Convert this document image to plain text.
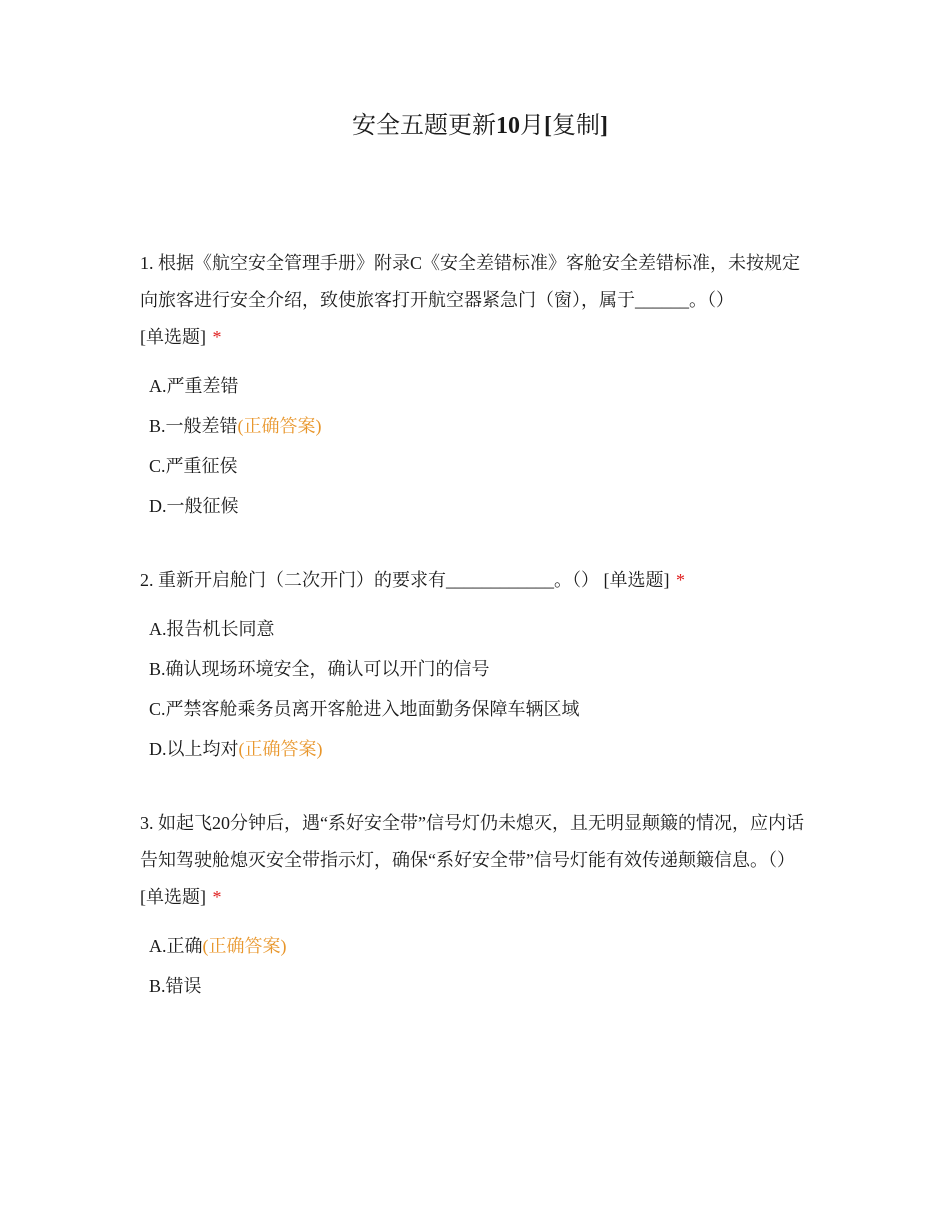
安全五题更新10月[复制]

1. 根据《航空安全管理手册》附录C《安全差错标准》客舱安全差错标准，未按规定向旅客进行安全介绍，致使旅客打开航空器紧急门（窗），属于______。（）
[单选题] *

A.严重差错
B.一般差错(正确答案)
C.严重征侯
D.一般征候

2. 重新开启舱门（二次开门）的要求有____________。（） [单选题] *

A.报告机长同意
B.确认现场环境安全，确认可以开门的信号
C.严禁客舱乘务员离开客舱进入地面勤务保障车辆区域
D.以上均对(正确答案)

3. 如起飞20分钟后，遇“系好安全带”信号灯仍未熄灭，且无明显颠簸的情况，应内话告知驾驶舱熄灭安全带指示灯，确保“系好安全带”信号灯能有效传递颠簸信息。（） [单选题] *

A.正确(正确答案)
B.错误
